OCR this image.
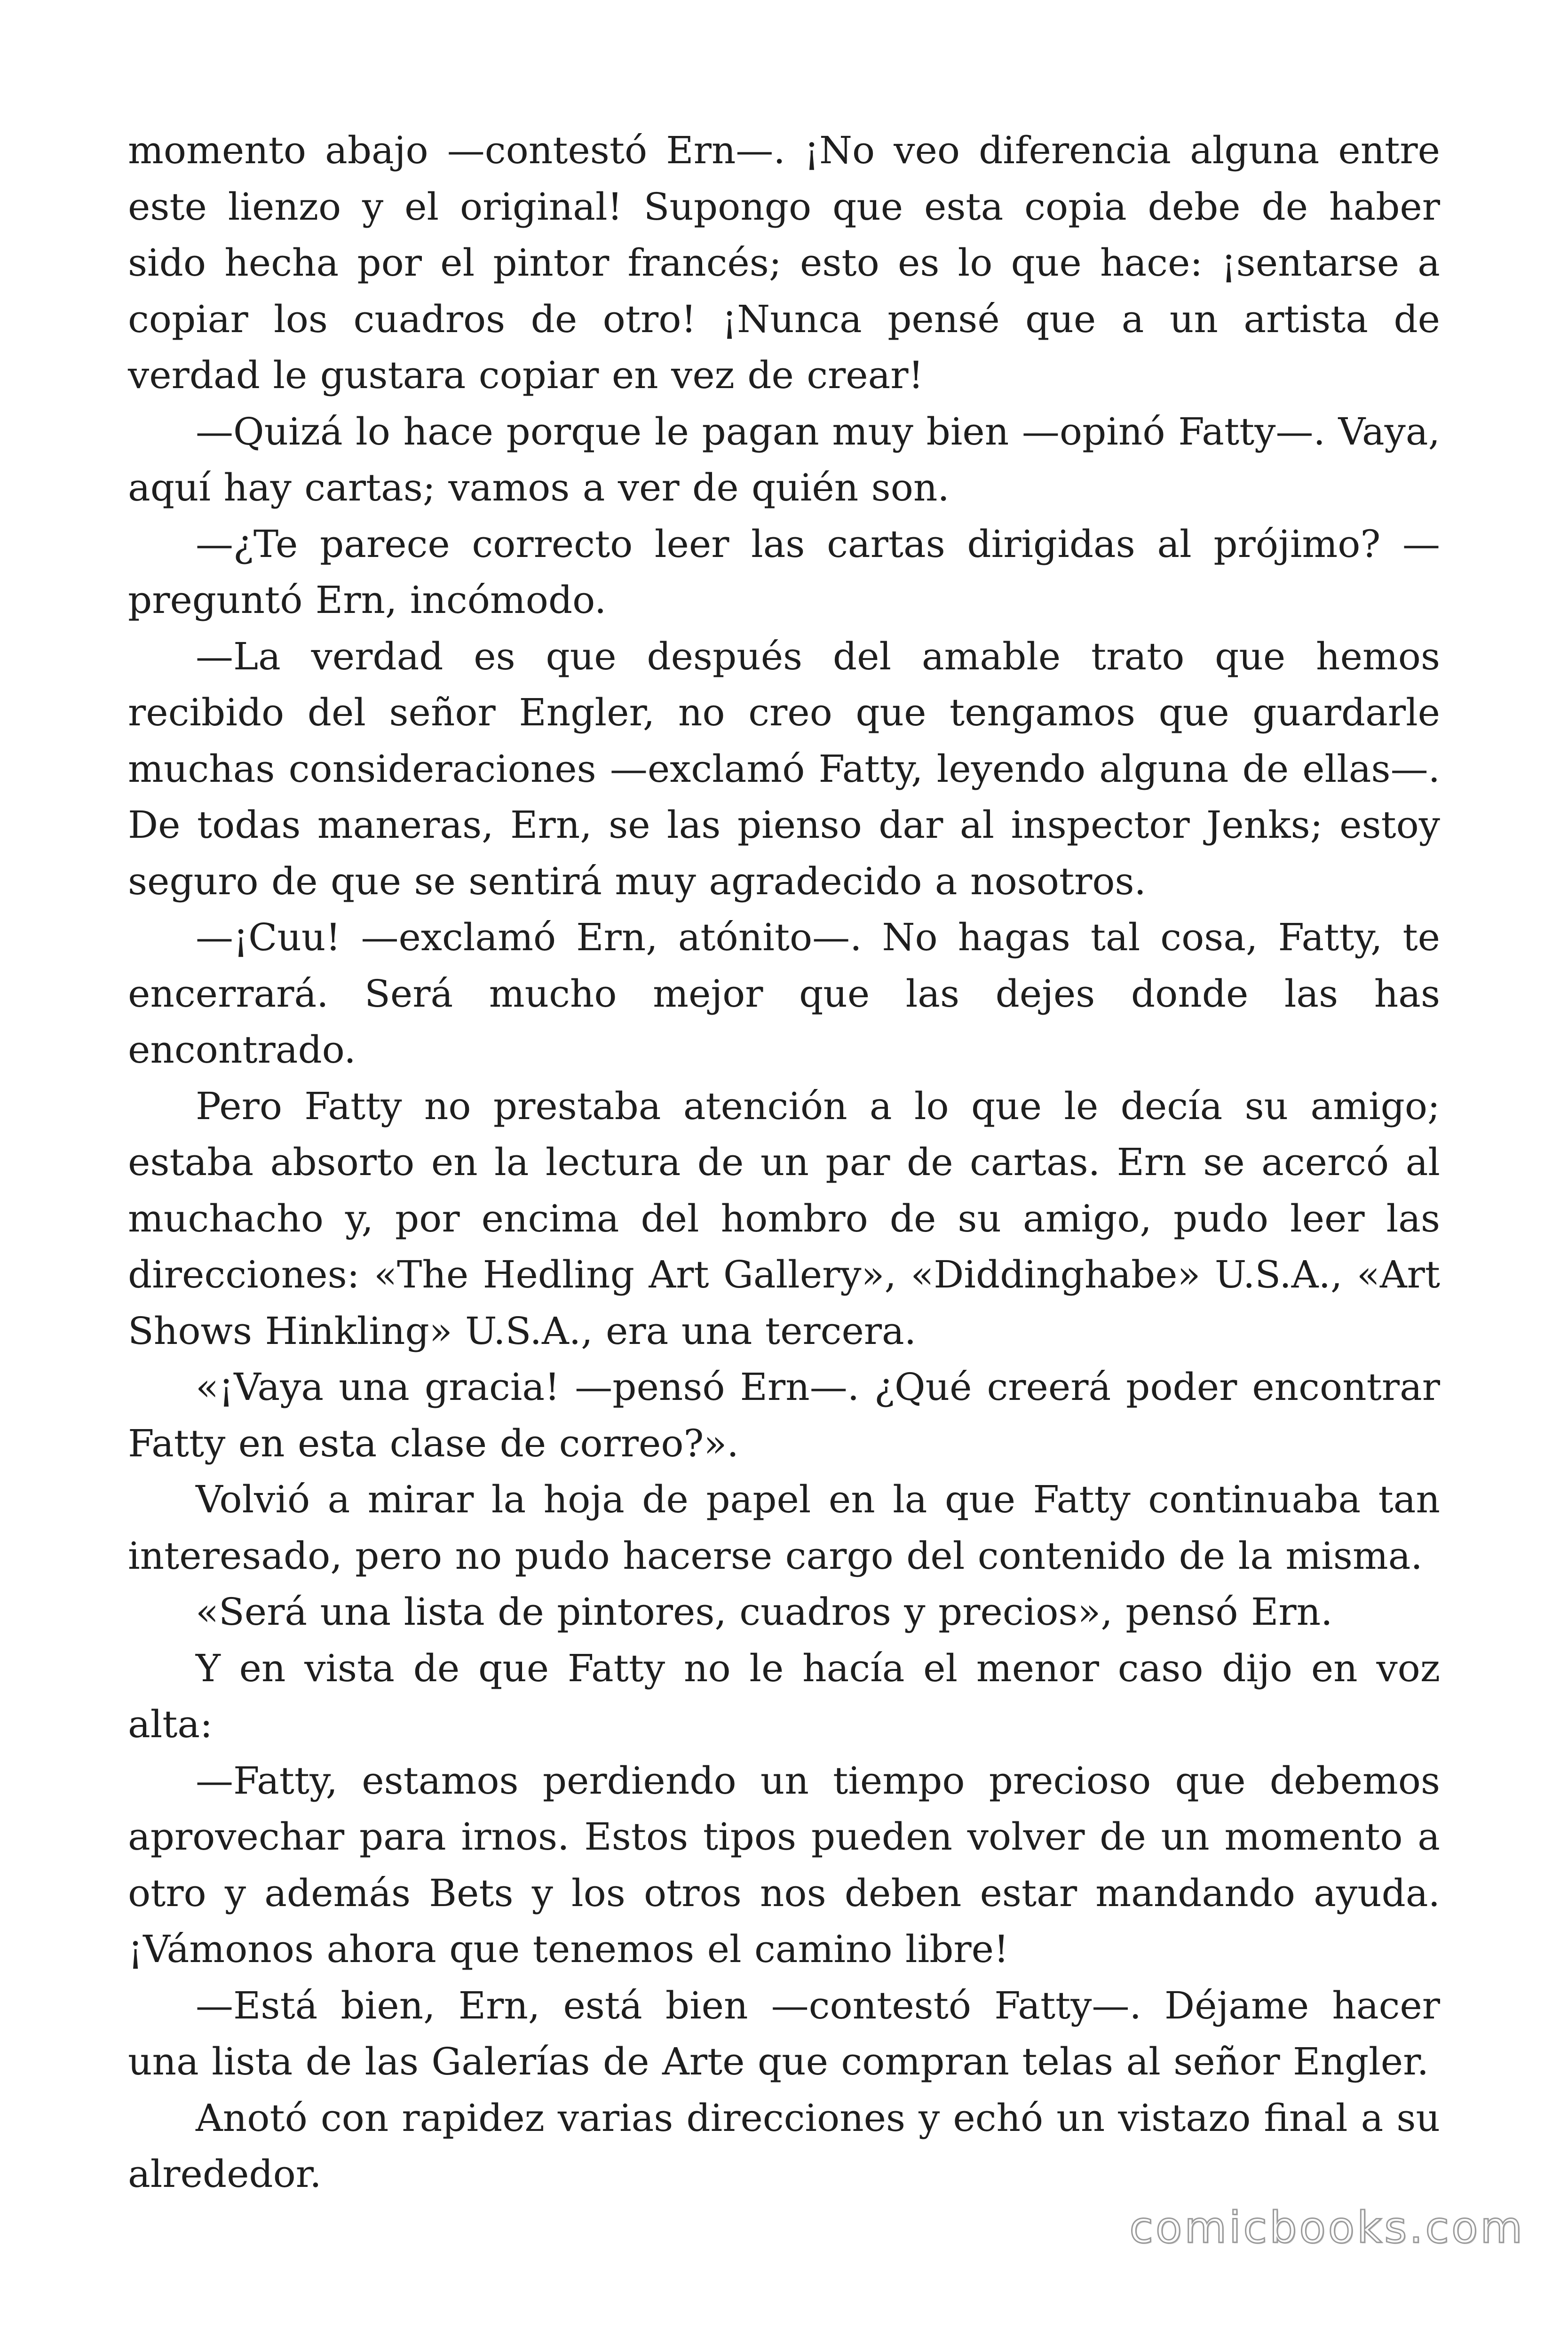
momento abajo —contestó Ern—. ¡No veo diferencia alguna entre este lienzo y el original! Supongo que esta copia debe de haber sido hecha por el pintor francés; esto es lo que hace: ¡sentarse a copiar los cuadros de otro! ¡Nunca pensé que a un artista de verdad le gustara copiar en vez de crear!

—Quizá lo hace porque le pagan muy bien —opinó Fatty—. Vaya, aquí hay cartas; vamos a ver de quién son.

—¿Te parece correcto leer las cartas dirigidas al prójimo? —preguntó Ern, incómodo.

—La verdad es que después del amable trato que hemos recibido del señor Engler, no creo que tengamos que guardarle muchas consideraciones —exclamó Fatty, leyendo alguna de ellas—. De todas maneras, Ern, se las pienso dar al inspector Jenks; estoy seguro de que se sentirá muy agradecido a nosotros.

—¡Cuu! —exclamó Ern, atónito—. No hagas tal cosa, Fatty, te encerrará. Será mucho mejor que las dejes donde las has encontrado.

Pero Fatty no prestaba atención a lo que le decía su amigo; estaba absorto en la lectura de un par de cartas. Ern se acercó al muchacho y, por encima del hombro de su amigo, pudo leer las direcciones: «The Hedling Art Gallery», «Diddinghabe» U.S.A., «Art Shows Hinkling» U.S.A., era una tercera.

«¡Vaya una gracia! —pensó Ern—. ¿Qué creerá poder encontrar Fatty en esta clase de correo?».

Volvió a mirar la hoja de papel en la que Fatty continuaba tan interesado, pero no pudo hacerse cargo del contenido de la misma.

«Será una lista de pintores, cuadros y precios», pensó Ern.

Y en vista de que Fatty no le hacía el menor caso dijo en voz alta:

—Fatty, estamos perdiendo un tiempo precioso que debemos aprovechar para irnos. Estos tipos pueden volver de un momento a otro y además Bets y los otros nos deben estar mandando ayuda. ¡Vámonos ahora que tenemos el camino libre!

—Está bien, Ern, está bien —contestó Fatty—. Déjame hacer una lista de las Galerías de Arte que compran telas al señor Engler.

Anotó con rapidez varias direcciones y echó un vistazo final a su alrededor.

comicbooks.com
